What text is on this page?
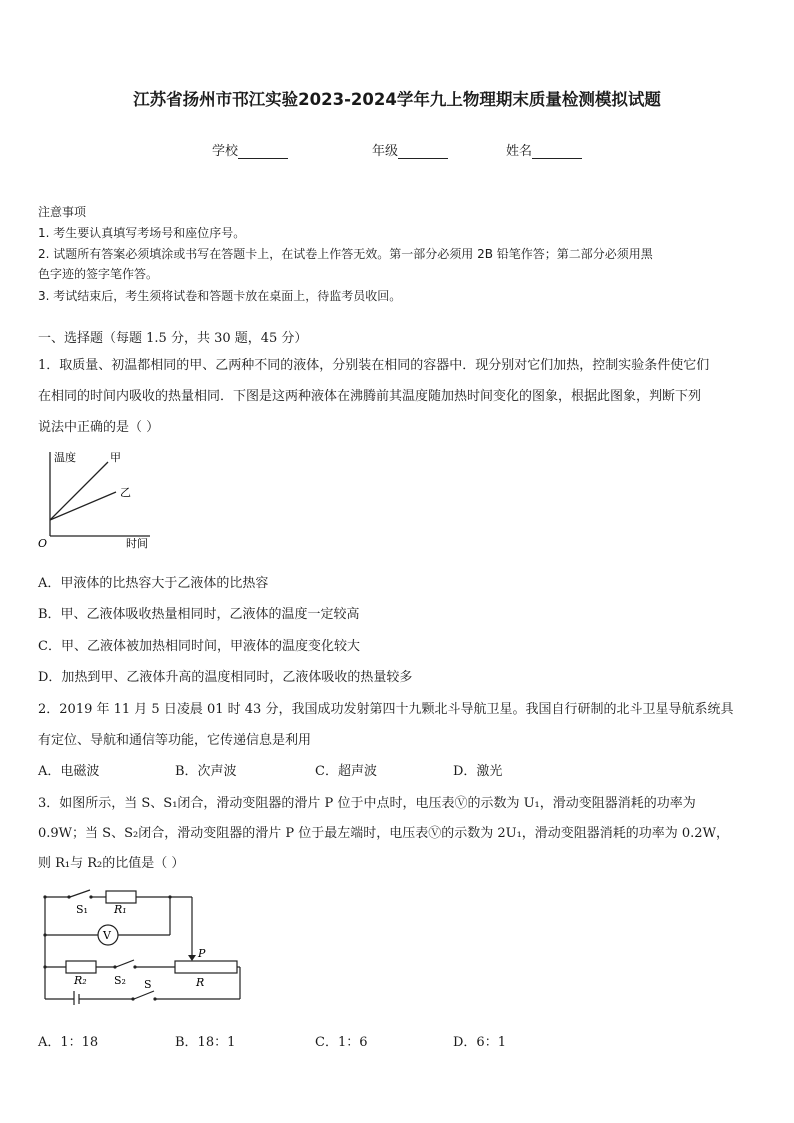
江苏省扬州市邗江实验2023-2024学年九上物理期末质量检测模拟试题
学校	年级	姓名
注意事项
1. 考生要认真填写考场号和座位序号。
2. 试题所有答案必须填涂或书写在答题卡上，在试卷上作答无效。第一部分必须用 2B 铅笔作答；第二部分必须用黑
色字迹的签字笔作答。
3. 考试结束后，考生须将试卷和答题卡放在桌面上，待监考员收回。
一、选择题（每题 1.5 分，共 30 题，45 分）
1．取质量、初温都相同的甲、乙两种不同的液体，分别装在相同的容器中．现分别对它们加热，控制实验条件使它们
在相同的时间内吸收的热量相同．下图是这两种液体在沸腾前其温度随加热时间变化的图象，根据此图象，判断下列
说法中正确的是（ ）
温度	甲
乙
O	时间
A．甲液体的比热容大于乙液体的比热容
B．甲、乙液体吸收热量相同时，乙液体的温度一定较高
C．甲、乙液体被加热相同时间，甲液体的温度变化较大
D．加热到甲、乙液体升高的温度相同时，乙液体吸收的热量较多
2．2019 年 11 月 5 日凌晨 01 时 43 分，我国成功发射第四十九颗北斗导航卫星。我国自行研制的北斗卫星导航系统具
有定位、导航和通信等功能，它传递信息是利用
A．电磁波	B．次声波	C．超声波	D．激光
3．如图所示，当 S、S₁闭合，滑动变阻器的滑片 P 位于中点时，电压表Ⓥ的示数为 U₁，滑动变阻器消耗的功率为
0.9W；当 S、S₂闭合，滑动变阻器的滑片 P 位于最左端时，电压表Ⓥ的示数为 2U₁，滑动变阻器消耗的功率为 0.2W，
则 R₁与 R₂的比值是（ ）
S₁ R₁
V
P
R₂ S₂	R
S
A．1：18	B．18：1	C．1：6	D．6：1
